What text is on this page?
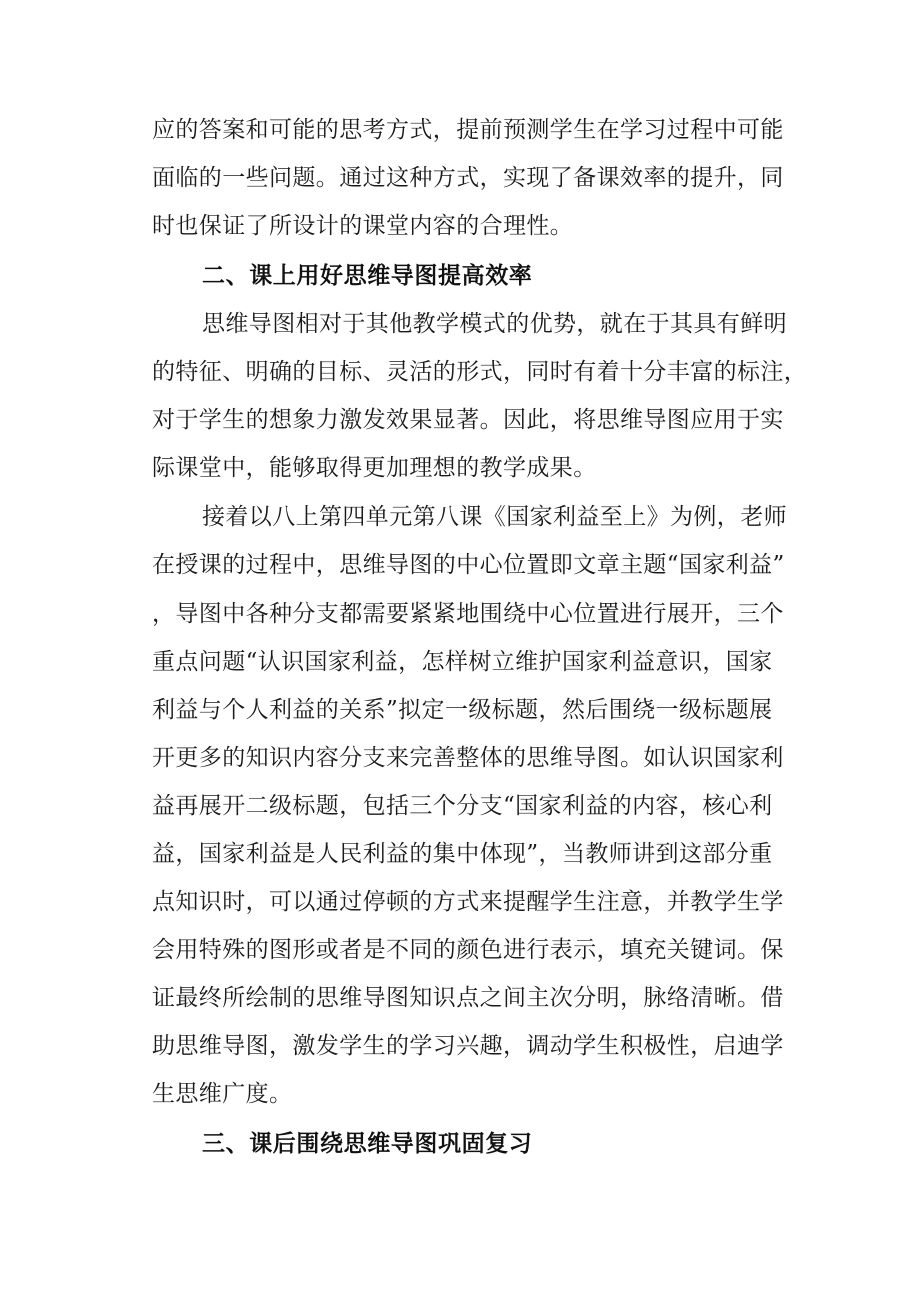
应的答案和可能的思考方式，提前预测学生在学习过程中可能
面临的一些问题。通过这种方式，实现了备课效率的提升，同
时也保证了所设计的课堂内容的合理性。
二、课上用好思维导图提高效率
思维导图相对于其他教学模式的优势，就在于其具有鲜明
的特征、明确的目标、灵活的形式，同时有着十分丰富的标注，
对于学生的想象力激发效果显著。因此，将思维导图应用于实
际课堂中，能够取得更加理想的教学成果。
接着以八上第四单元第八课《国家利益至上》为例，老师
在授课的过程中，思维导图的中心位置即文章主题“国家利益”
，导图中各种分支都需要紧紧地围绕中心位置进行展开，三个
重点问题“认识国家利益，怎样树立维护国家利益意识，国家
利益与个人利益的关系”拟定一级标题，然后围绕一级标题展
开更多的知识内容分支来完善整体的思维导图。如认识国家利
益再展开二级标题，包括三个分支“国家利益的内容，核心利
益，国家利益是人民利益的集中体现”，当教师讲到这部分重
点知识时，可以通过停顿的方式来提醒学生注意，并教学生学
会用特殊的图形或者是不同的颜色进行表示，填充关键词。保
证最终所绘制的思维导图知识点之间主次分明，脉络清晰。借
助思维导图，激发学生的学习兴趣，调动学生积极性，启迪学
生思维广度。
三、课后围绕思维导图巩固复习
